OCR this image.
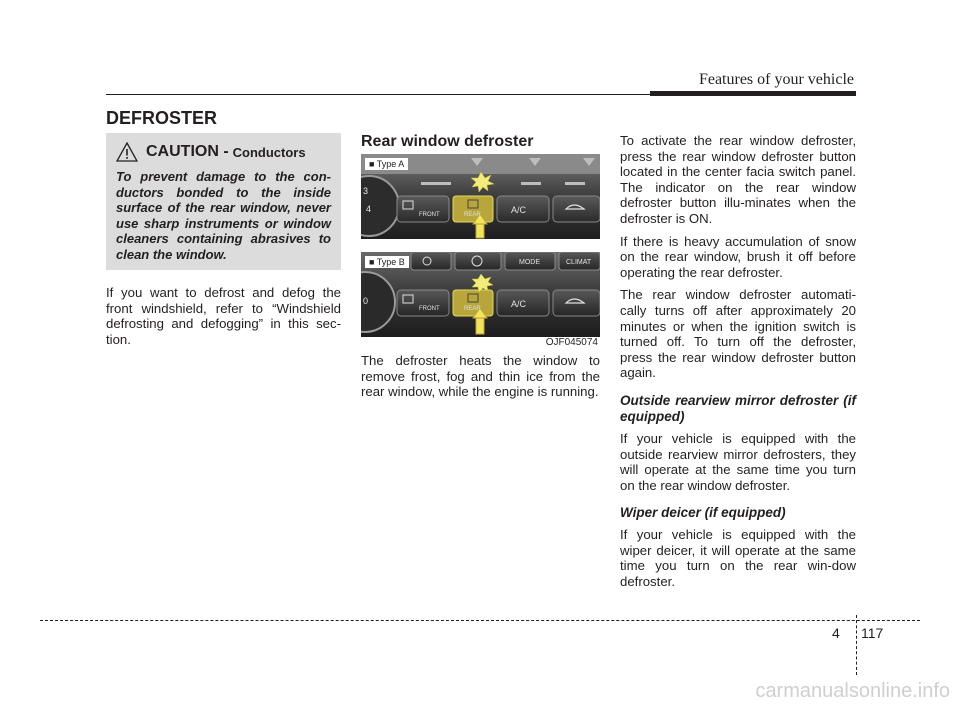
Features of your vehicle
DEFROSTER
CAUTION - Conductors
To prevent damage to the con-ductors bonded to the inside surface of the rear window, never use sharp instruments or window cleaners containing abrasives to clean the window.
If you want to defrost and defog the front windshield, refer to “Windshield defrosting and defogging” in this sec-tion.
Rear window defroster
3
4
FRONT	REAR	A/C
■ Type A
MODE	CLIMAT
0
FRONT	REAR	A/C
■ Type B
OJF045074
The defroster heats the window to remove frost, fog and thin ice from the rear window, while the engine is running.

To activate the rear window defroster, press the rear window defroster button located in the center facia switch panel. The indicator on the rear window defroster button illu-minates when the defroster is ON.

If there is heavy accumulation of snow on the rear window, brush it off before operating the rear defroster.

The rear window defroster automati-cally turns off after approximately 20 minutes or when the ignition switch is turned off. To turn off the defroster, press the rear window defroster button again.

Outside rearview mirror defroster (if equipped)

If your vehicle is equipped with the outside rearview mirror defrosters, they will operate at the same time you turn on the rear window defroster.

Wiper deicer (if equipped)

If your vehicle is equipped with the wiper deicer, it will operate at the same time you turn on the rear win-dow defroster.

4 117
carmanualsonline.info
